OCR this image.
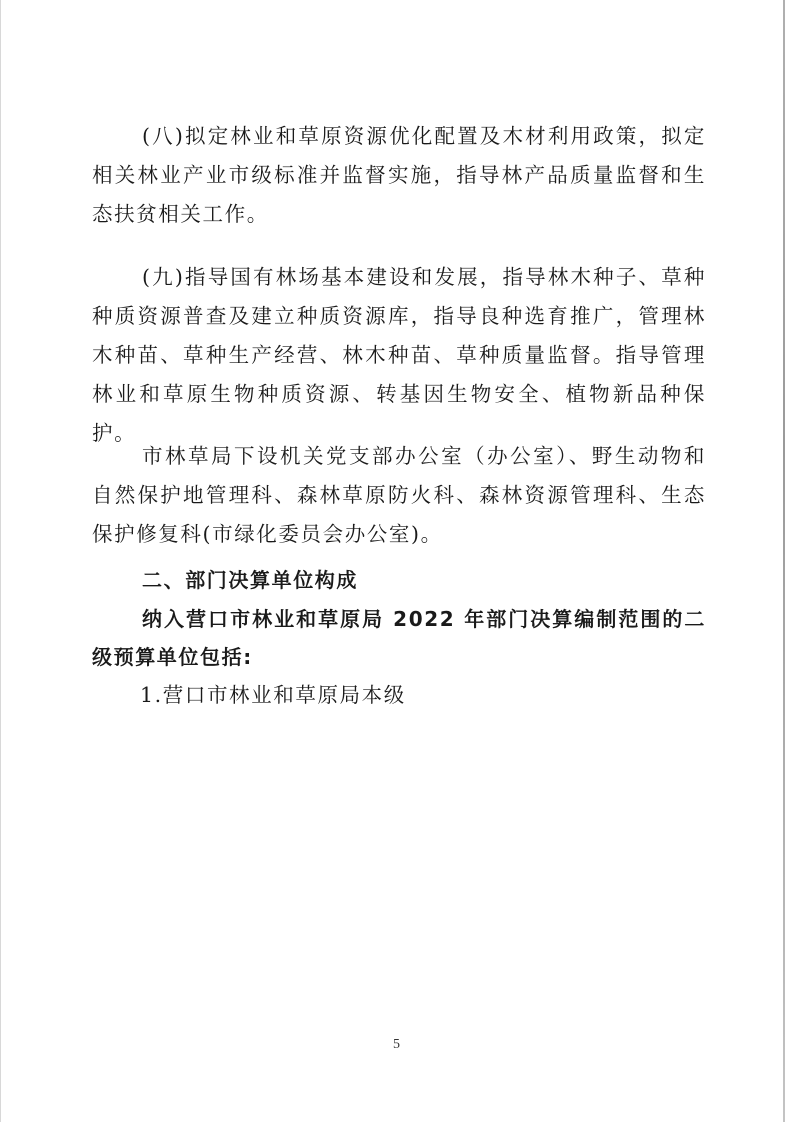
(八)拟定林业和草原资源优化配置及木材利用政策，拟定相关林业产业市级标准并监督实施，指导林产品质量监督和生态扶贫相关工作。

(九)指导国有林场基本建设和发展，指导林木种子、草种种质资源普查及建立种质资源库，指导良种选育推广，管理林木种苗、草种生产经营、林木种苗、草种质量监督。指导管理林业和草原生物种质资源、转基因生物安全、植物新品种保护。

市林草局下设机关党支部办公室（办公室）、野生动物和自然保护地管理科、森林草原防火科、森林资源管理科、生态保护修复科(市绿化委员会办公室)。

二、部门决算单位构成

纳入营口市林业和草原局 2022 年部门决算编制范围的二级预算单位包括:

1.营口市林业和草原局本级

5
